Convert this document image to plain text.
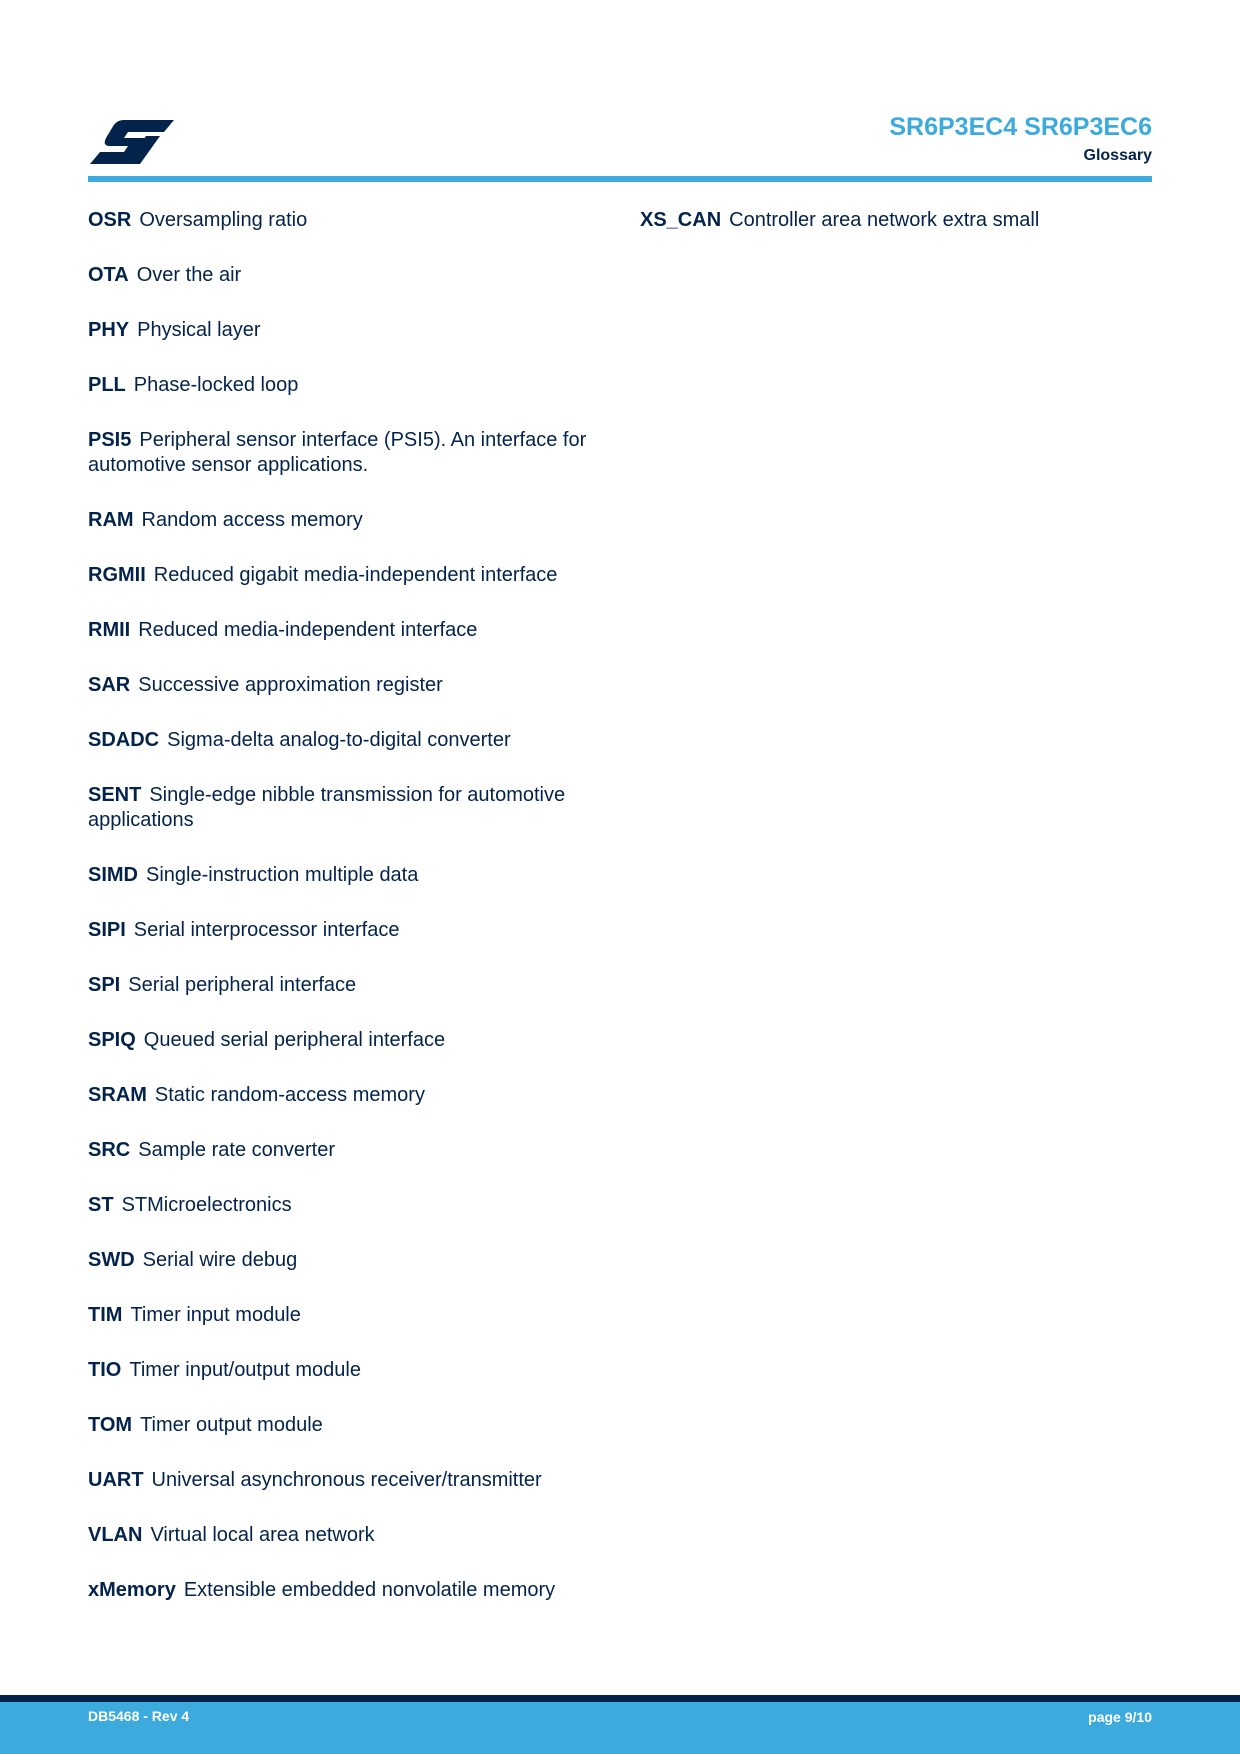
SR6P3EC4 SR6P3EC6
Glossary

OSR Oversampling ratio

OTA Over the air

PHY Physical layer

PLL Phase-locked loop

PSI5 Peripheral sensor interface (PSI5). An interface for automotive sensor applications.

RAM Random access memory

RGMII Reduced gigabit media-independent interface

RMII Reduced media-independent interface

SAR Successive approximation register

SDADC Sigma-delta analog-to-digital converter

SENT Single-edge nibble transmission for automotive applications

SIMD Single-instruction multiple data

SIPI Serial interprocessor interface

SPI Serial peripheral interface

SPIQ Queued serial peripheral interface

SRAM Static random-access memory

SRC Sample rate converter

ST STMicroelectronics

SWD Serial wire debug

TIM Timer input module

TIO Timer input/output module

TOM Timer output module

UART Universal asynchronous receiver/transmitter

VLAN Virtual local area network

xMemory Extensible embedded nonvolatile memory

XS_CAN Controller area network extra small

DB5468 - Rev 4	page 9/10
